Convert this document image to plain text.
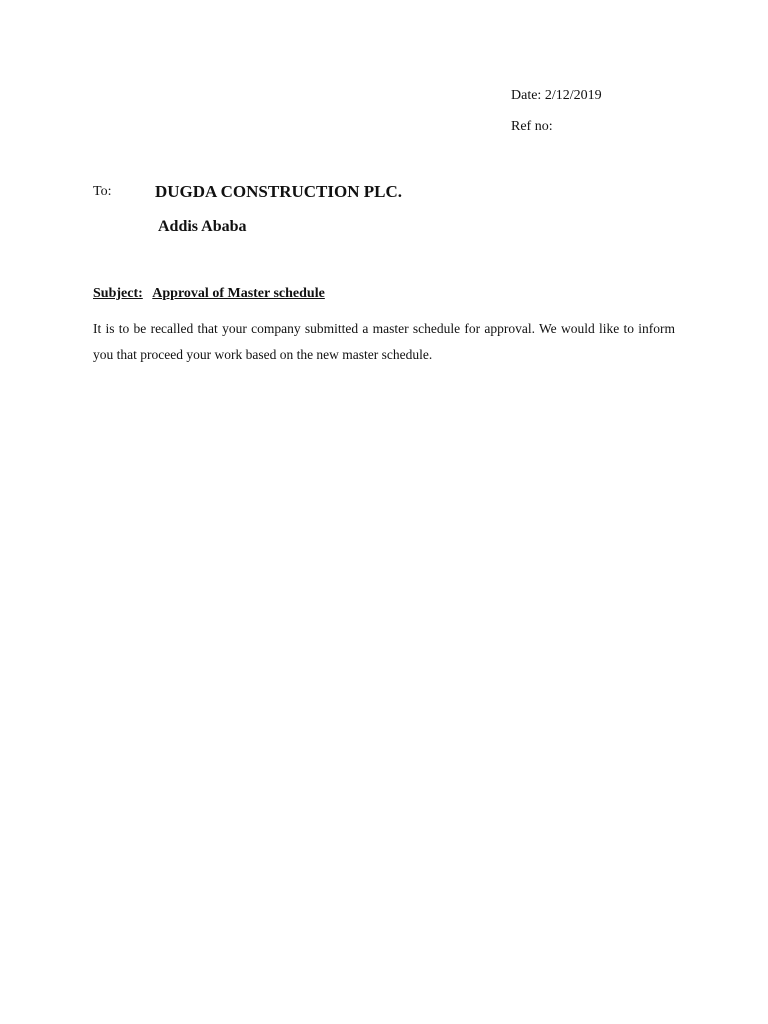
Date: 2/12/2019
Ref no:
To:	DUGDA CONSTRUCTION PLC.
Addis Ababa
Subject: Approval of Master schedule
It is to be recalled that your company submitted a master schedule for approval. We would like to inform you that proceed your work based on the new master schedule.
